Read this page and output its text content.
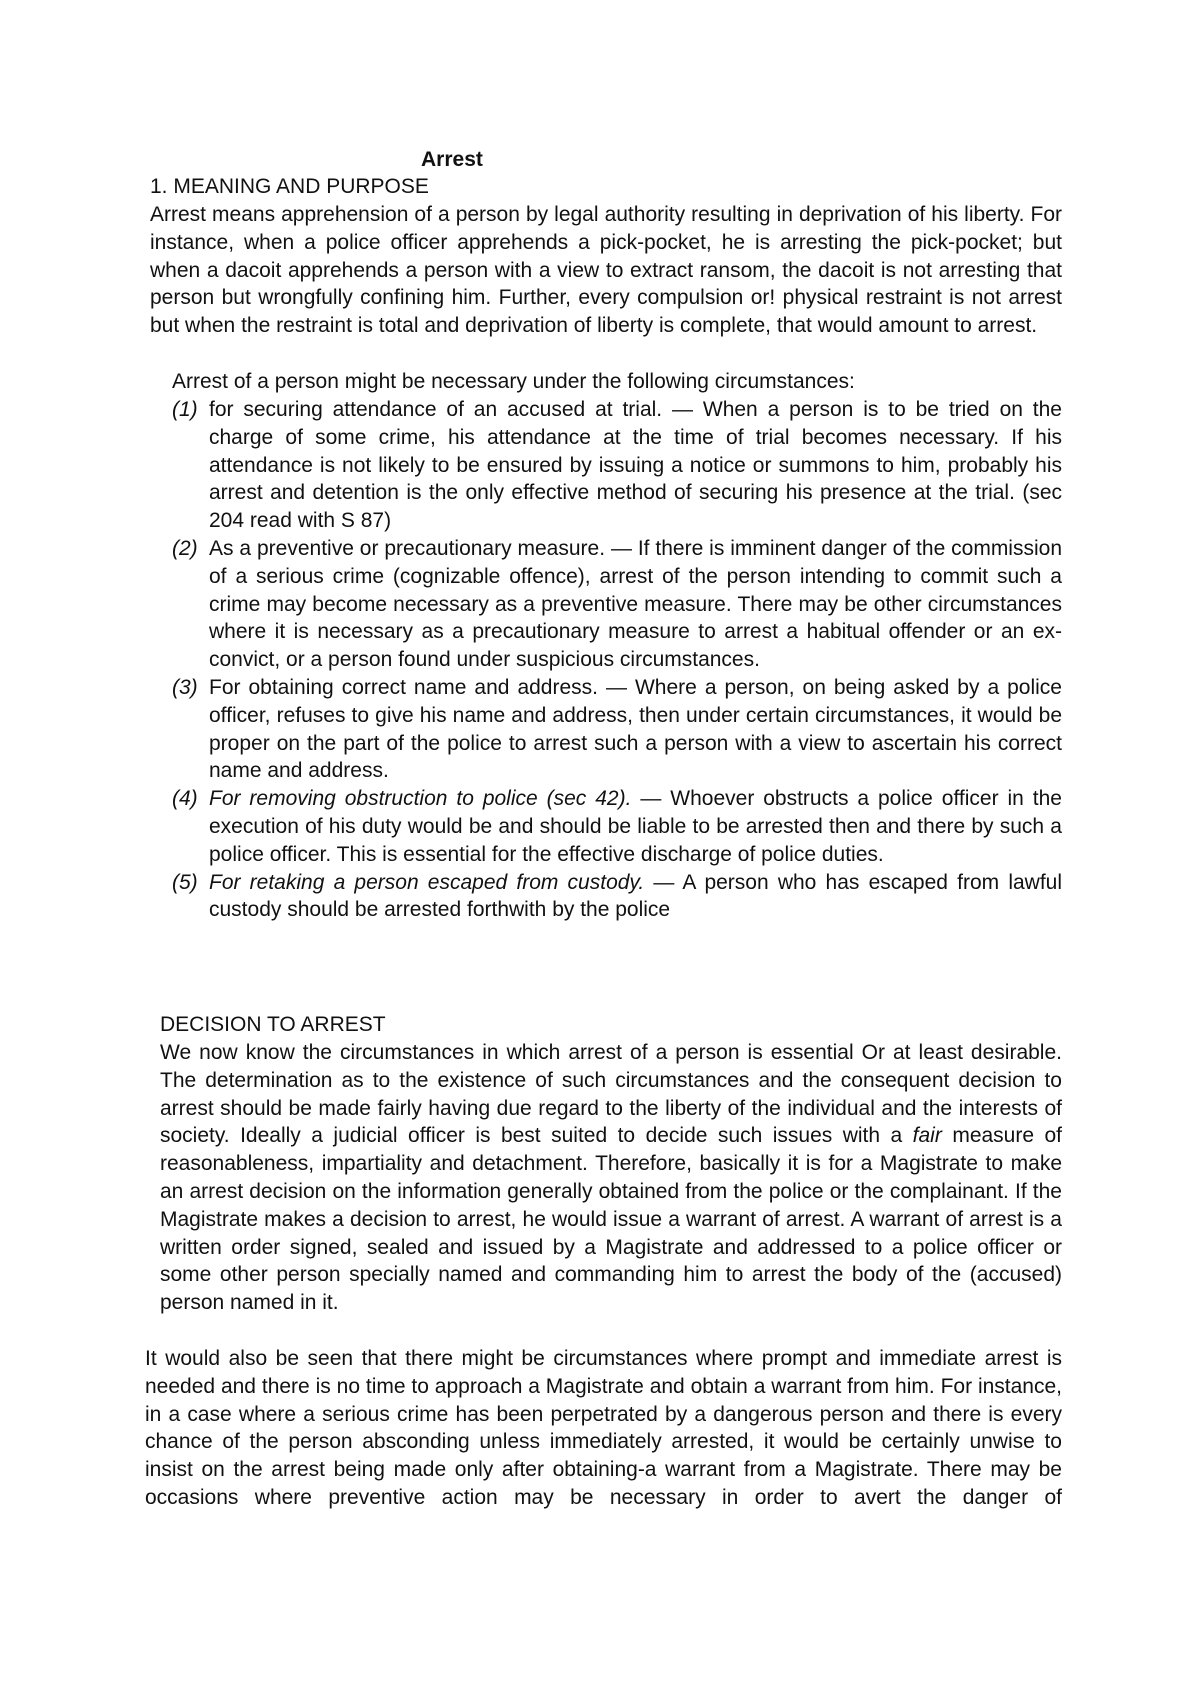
Arrest
1. MEANING AND PURPOSE
Arrest means apprehension of a person by legal authority resulting in deprivation of his liberty. For instance, when a police officer apprehends a pick-pocket, he is arresting the pick-pocket; but when a dacoit apprehends a person with a view to extract ransom, the dacoit is not arresting that person but wrongfully confining him. Further, every compulsion or! physical restraint is not arrest but when the restraint is total and deprivation of liberty is complete, that would amount to arrest.
Arrest of a person might be necessary under the following circumstances:
(1) for securing attendance of an accused at trial. — When a person is to be tried on the charge of some crime, his attendance at the time of trial becomes necessary. If his attendance is not likely to be ensured by issuing a notice or summons to him, probably his arrest and detention is the only effective method of securing his presence at the trial. (sec 204 read with S 87)
(2) As a preventive or precautionary measure. — If there is imminent danger of the commission of a serious crime (cognizable offence), arrest of the person intending to commit such a crime may become necessary as a preventive measure. There may be other circumstances where it is necessary as a precautionary measure to arrest a habitual offender or an ex-convict, or a person found under suspicious circumstances.
(3) For obtaining correct name and address. — Where a person, on being asked by a police officer, refuses to give his name and address, then under certain circumstances, it would be proper on the part of the police to arrest such a person with a view to ascertain his correct name and address.
(4) For removing obstruction to police (sec 42). — Whoever obstructs a police officer in the execution of his duty would be and should be liable to be arrested then and there by such a police officer. This is essential for the effective discharge of police duties.
(5) For retaking a person escaped from custody. — A person who has escaped from lawful custody should be arrested forthwith by the police
DECISION TO ARREST
We now know the circumstances in which arrest of a person is essential Or at least desirable. The determination as to the existence of such circumstances and the consequent decision to arrest should be made fairly having due regard to the liberty of the individual and the interests of society. Ideally a judicial officer is best suited to decide such issues with a fair measure of reasonableness, impartiality and detachment. Therefore, basically it is for a Magistrate to make an arrest decision on the information generally obtained from the police or the complainant. If the Magistrate makes a decision to arrest, he would issue a warrant of arrest. A warrant of arrest is a written order signed, sealed and issued by a Magistrate and addressed to a police officer or some other person specially named and commanding him to arrest the body of the (accused) person named in it.
It would also be seen that there might be circumstances where prompt and immediate arrest is needed and there is no time to approach a Magistrate and obtain a warrant from him. For instance, in a case where a serious crime has been perpetrated by a dangerous person and there is every chance of the person absconding unless immediately arrested, it would be certainly unwise to insist on the arrest being made only after obtaining-a warrant from a Magistrate. There may be occasions where preventive action may be necessary in order to avert the danger of
